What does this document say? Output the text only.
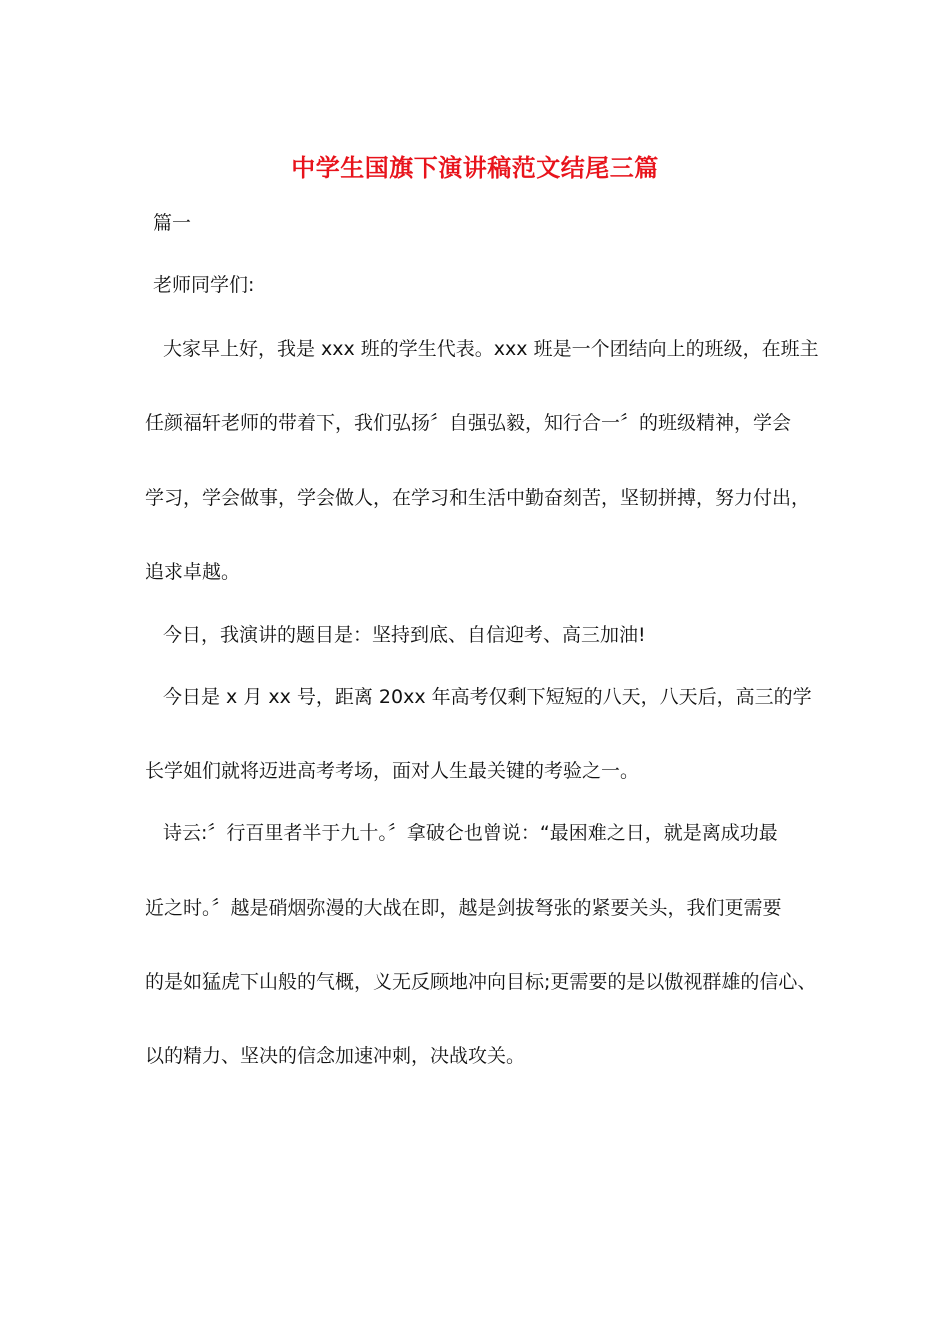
中学生国旗下演讲稿范文结尾三篇
篇一
老师同学们:
大家早上好，我是 xxx 班的学生代表。xxx 班是一个团结向上的班级，在班主
任颜福轩老师的带着下，我们弘扬〞自强弘毅，知行合一〞的班级精神，学会
学习，学会做事，学会做人，在学习和生活中勤奋刻苦，坚韧拼搏，努力付出，
追求卓越。
今日，我演讲的题目是：坚持到底、自信迎考、高三加油!
今日是 x 月 xx 号，距离 20xx 年高考仅剩下短短的八天，八天后，高三的学
长学姐们就将迈进高考考场，面对人生最关键的考验之一。
诗云:〞行百里者半于九十。〞拿破仑也曾说：“最困难之日，就是离成功最
近之时。〞越是硝烟弥漫的大战在即，越是剑拔弩张的紧要关头，我们更需要
的是如猛虎下山般的气概，义无反顾地冲向目标;更需要的是以傲视群雄的信心、
以的精力、坚决的信念加速冲刺，决战攻关。
